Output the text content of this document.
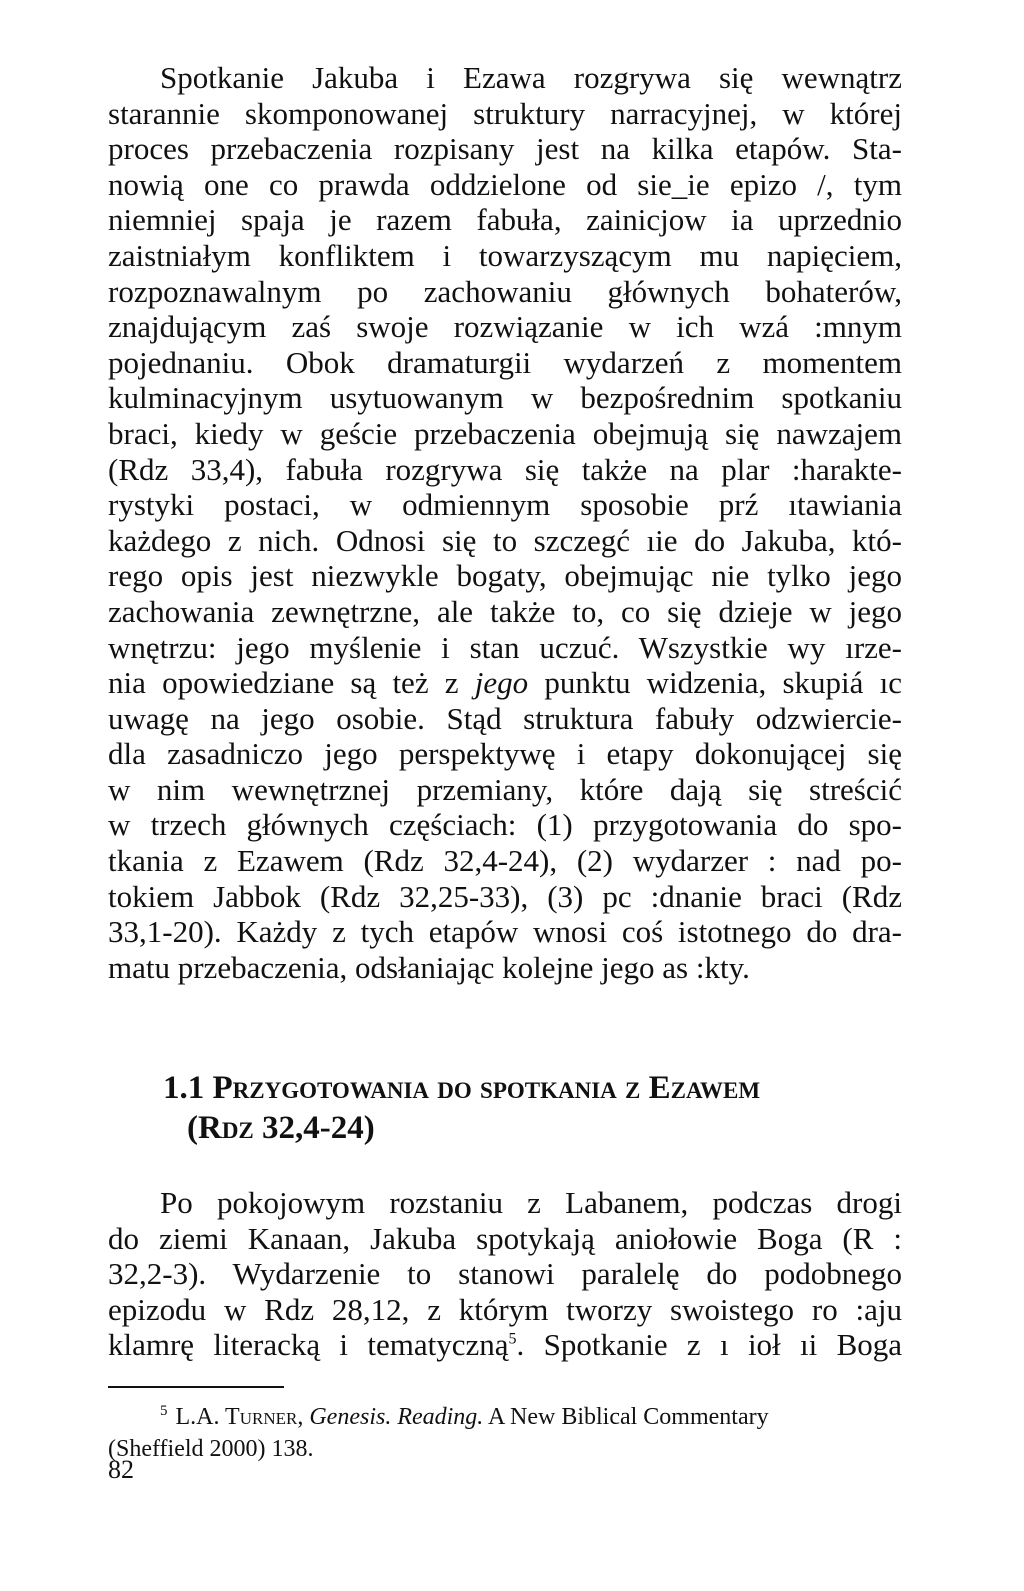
Spotkanie Jakuba i Ezawa rozgrywa się wewnątrz
starannie skomponowanej struktury narracyjnej, w której
proces przebaczenia rozpisany jest na kilka etapów. Sta-
nowią one co prawda oddzielone od sie_ie epizo /, tym
niemniej spaja je razem fabuła, zainicjow ia uprzednio
zaistniałym konfliktem i towarzyszącym mu napięciem,
rozpoznawalnym po zachowaniu głównych bohaterów,
znajdującym zaś swoje rozwiązanie w ich wzá :mnym
pojednaniu. Obok dramaturgii wydarzeń z momentem
kulminacyjnym usytuowanym w bezpośrednim spotkaniu
braci, kiedy w geście przebaczenia obejmują się nawzajem
(Rdz 33,4), fabuła rozgrywa się także na plar :harakte-
rystyki postaci, w odmiennym sposobie prź ıtawiania
każdego z nich. Odnosi się to szczegć ıie do Jakuba, któ-
rego opis jest niezwykle bogaty, obejmując nie tylko jego
zachowania zewnętrzne, ale także to, co się dzieje w jego
wnętrzu: jego myślenie i stan uczuć. Wszystkie wy ırze-
nia opowiedziane są też z jego punktu widzenia, skupiá ıc
uwagę na jego osobie. Stąd struktura fabuły odzwiercie-
dla zasadniczo jego perspektywę i etapy dokonującej się
w nim wewnętrznej przemiany, które dają się streścić
w trzech głównych częściach: (1) przygotowania do spo-
tkania z Ezawem (Rdz 32,4-24), (2) wydarzer : nad po-
tokiem Jabbok (Rdz 32,25-33), (3) pc :dnanie braci (Rdz
33,1-20). Każdy z tych etapów wnosi coś istotnego do dra-
matu przebaczenia, odsłaniając kolejne jego as :kty.
1.1 Przygotowania do spotkania z Ezawem
(Rdz 32,4-24)
Po pokojowym rozstaniu z Labanem, podczas drogi
do ziemi Kanaan, Jakuba spotykają aniołowie Boga (R :
32,2-3). Wydarzenie to stanowi paralelę do podobnego
epizodu w Rdz 28,12, z którym tworzy swoistego ro :aju
klamrę literacką i tematyczną$^5$. Spotkanie z ı ioł ıi Boga
$^5$ L.A. Turner, Genesis. Reading. A New Biblical Commentary
(Sheffield 2000) 138.
82
